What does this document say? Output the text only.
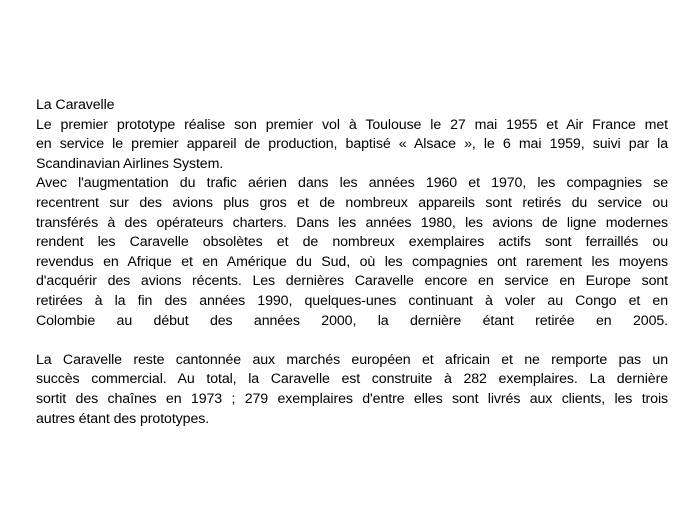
La Caravelle
Le premier prototype réalise son premier vol à Toulouse le 27 mai 1955 et Air France met
en service le premier appareil de production, baptisé « Alsace », le 6 mai 1959, suivi par la
Scandinavian Airlines System.
Avec l'augmentation du trafic aérien dans les années 1960 et 1970, les compagnies se
recentrent sur des avions plus gros et de nombreux appareils sont retirés du service ou
transférés à des opérateurs charters. Dans les années 1980, les avions de ligne modernes
rendent les Caravelle obsolètes et de nombreux exemplaires actifs sont ferraillés ou
revendus en Afrique et en Amérique du Sud, où les compagnies ont rarement les moyens
d'acquérir des avions récents. Les dernières Caravelle encore en service en Europe sont
retirées à la fin des années 1990, quelques-unes continuant à voler au Congo et en
Colombie au début des années 2000, la dernière étant retirée en 2005.
La Caravelle reste cantonnée aux marchés européen et africain et ne remporte pas un
succès commercial. Au total, la Caravelle est construite à 282 exemplaires. La dernière
sortit des chaînes en 1973 ; 279 exemplaires d'entre elles sont livrés aux clients, les trois
autres étant des prototypes.
